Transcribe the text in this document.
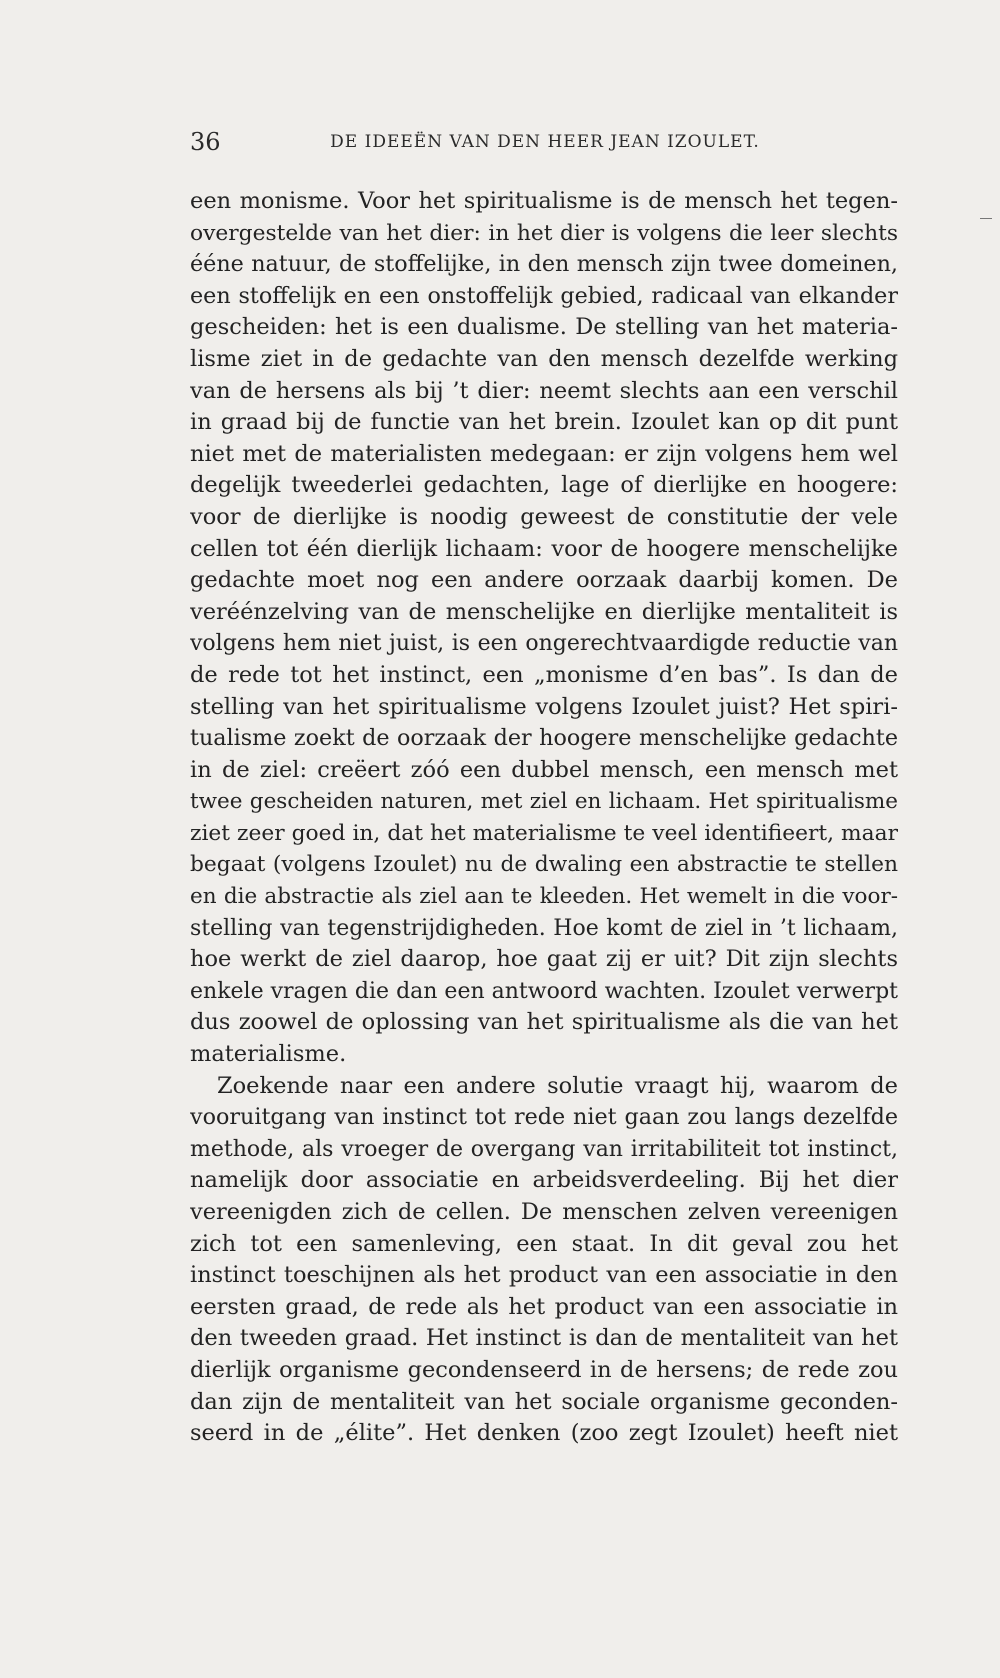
36	DE IDEEËN VAN DEN HEER JEAN IZOULET.
een monisme. Voor het spiritualisme is de mensch het tegen-
overgestelde van het dier: in het dier is volgens die leer slechts
ééne natuur, de stoffelijke, in den mensch zijn twee domeinen,
een stoffelijk en een onstoffelijk gebied, radicaal van elkander
gescheiden: het is een dualisme. De stelling van het materia-
lisme ziet in de gedachte van den mensch dezelfde werking
van de hersens als bij ’t dier: neemt slechts aan een verschil
in graad bij de functie van het brein. Izoulet kan op dit punt
niet met de materialisten medegaan: er zijn volgens hem wel
degelijk tweederlei gedachten, lage of dierlijke en hoogere:
voor de dierlijke is noodig geweest de constitutie der vele
cellen tot één dierlijk lichaam: voor de hoogere menschelijke
gedachte moet nog een andere oorzaak daarbij komen. De
veréénzelving van de menschelijke en dierlijke mentaliteit is
volgens hem niet juist, is een ongerechtvaardigde reductie van
de rede tot het instinct, een „monisme d’en bas”. Is dan de
stelling van het spiritualisme volgens Izoulet juist? Het spiri-
tualisme zoekt de oorzaak der hoogere menschelijke gedachte
in de ziel: creëert zóó een dubbel mensch, een mensch met
twee gescheiden naturen, met ziel en lichaam. Het spiritualisme
ziet zeer goed in, dat het materialisme te veel identifieert, maar
begaat (volgens Izoulet) nu de dwaling een abstractie te stellen
en die abstractie als ziel aan te kleeden. Het wemelt in die voor-
stelling van tegenstrijdigheden. Hoe komt de ziel in ’t lichaam,
hoe werkt de ziel daarop, hoe gaat zij er uit? Dit zijn slechts
enkele vragen die dan een antwoord wachten. Izoulet verwerpt
dus zoowel de oplossing van het spiritualisme als die van het
materialisme.
Zoekende naar een andere solutie vraagt hij, waarom de
vooruitgang van instinct tot rede niet gaan zou langs dezelfde
methode, als vroeger de overgang van irritabiliteit tot instinct,
namelijk door associatie en arbeidsverdeeling. Bij het dier
vereenigden zich de cellen. De menschen zelven vereenigen
zich tot een samenleving, een staat. In dit geval zou het
instinct toeschijnen als het product van een associatie in den
eersten graad, de rede als het product van een associatie in
den tweeden graad. Het instinct is dan de mentaliteit van het
dierlijk organisme gecondenseerd in de hersens; de rede zou
dan zijn de mentaliteit van het sociale organisme geconden-
seerd in de „élite”. Het denken (zoo zegt Izoulet) heeft niet
